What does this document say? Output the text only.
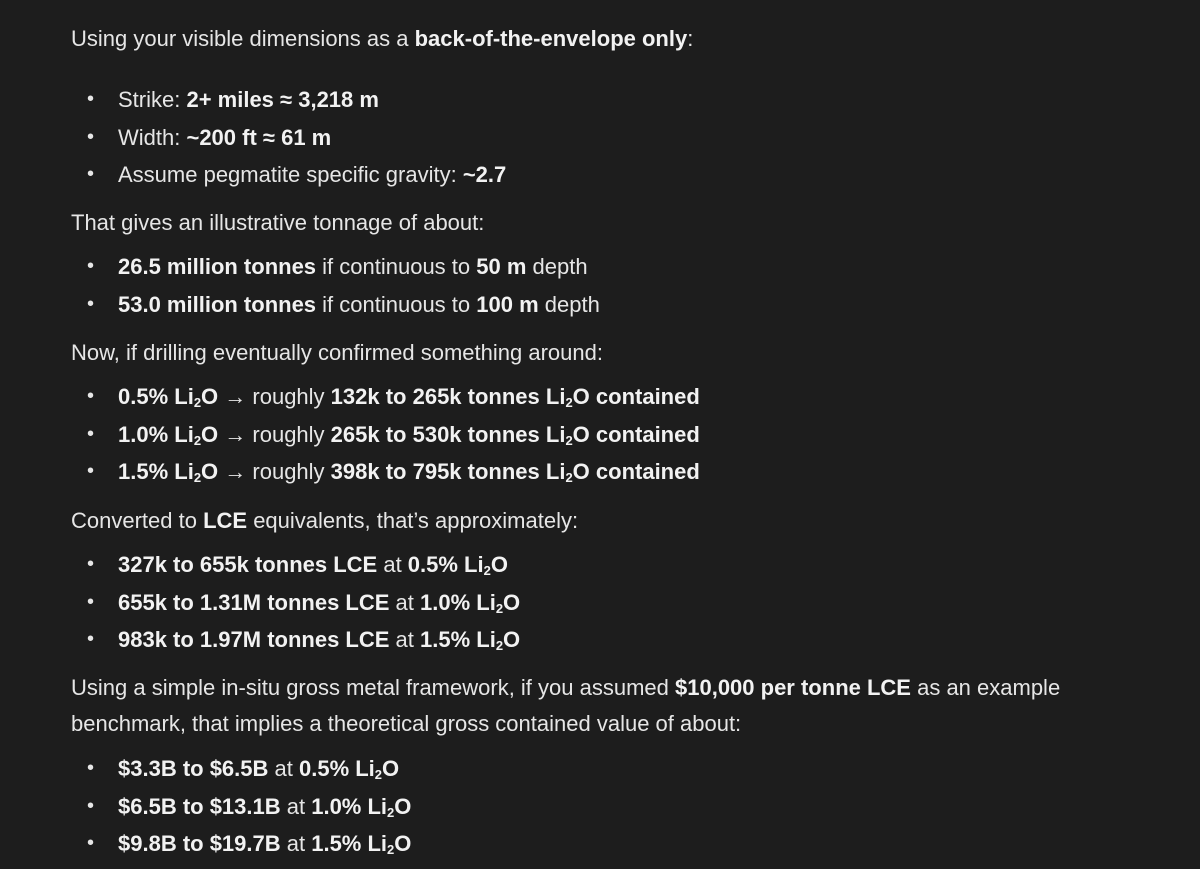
Using your visible dimensions as a back-of-the-envelope only:
• Strike: 2+ miles ≈ 3,218 m
• Width: ~200 ft ≈ 61 m
• Assume pegmatite specific gravity: ~2.7
That gives an illustrative tonnage of about:
• 26.5 million tonnes if continuous to 50 m depth
• 53.0 million tonnes if continuous to 100 m depth
Now, if drilling eventually confirmed something around:
• 0.5% $Li_2O$ → roughly 132k to 265k tonnes $Li_2O$ contained
• 1.0% $Li_2O$ → roughly 265k to 530k tonnes $Li_2O$ contained
• 1.5% $Li_2O$ → roughly 398k to 795k tonnes $Li_2O$ contained
Converted to LCE equivalents, that’s approximately:
• 327k to 655k tonnes LCE at 0.5% $Li_2O$
• 655k to 1.31M tonnes LCE at 1.0% $Li_2O$
• 983k to 1.97M tonnes LCE at 1.5% $Li_2O$
Using a simple in-situ gross metal framework, if you assumed $10,000 per tonne LCE as an example benchmark, that implies a theoretical gross contained value of about:
• $3.3B to $6.5B at 0.5% $Li_2O$
• $6.5B to $13.1B at 1.0% $Li_2O$
• $9.8B to $19.7B at 1.5% $Li_2O$
